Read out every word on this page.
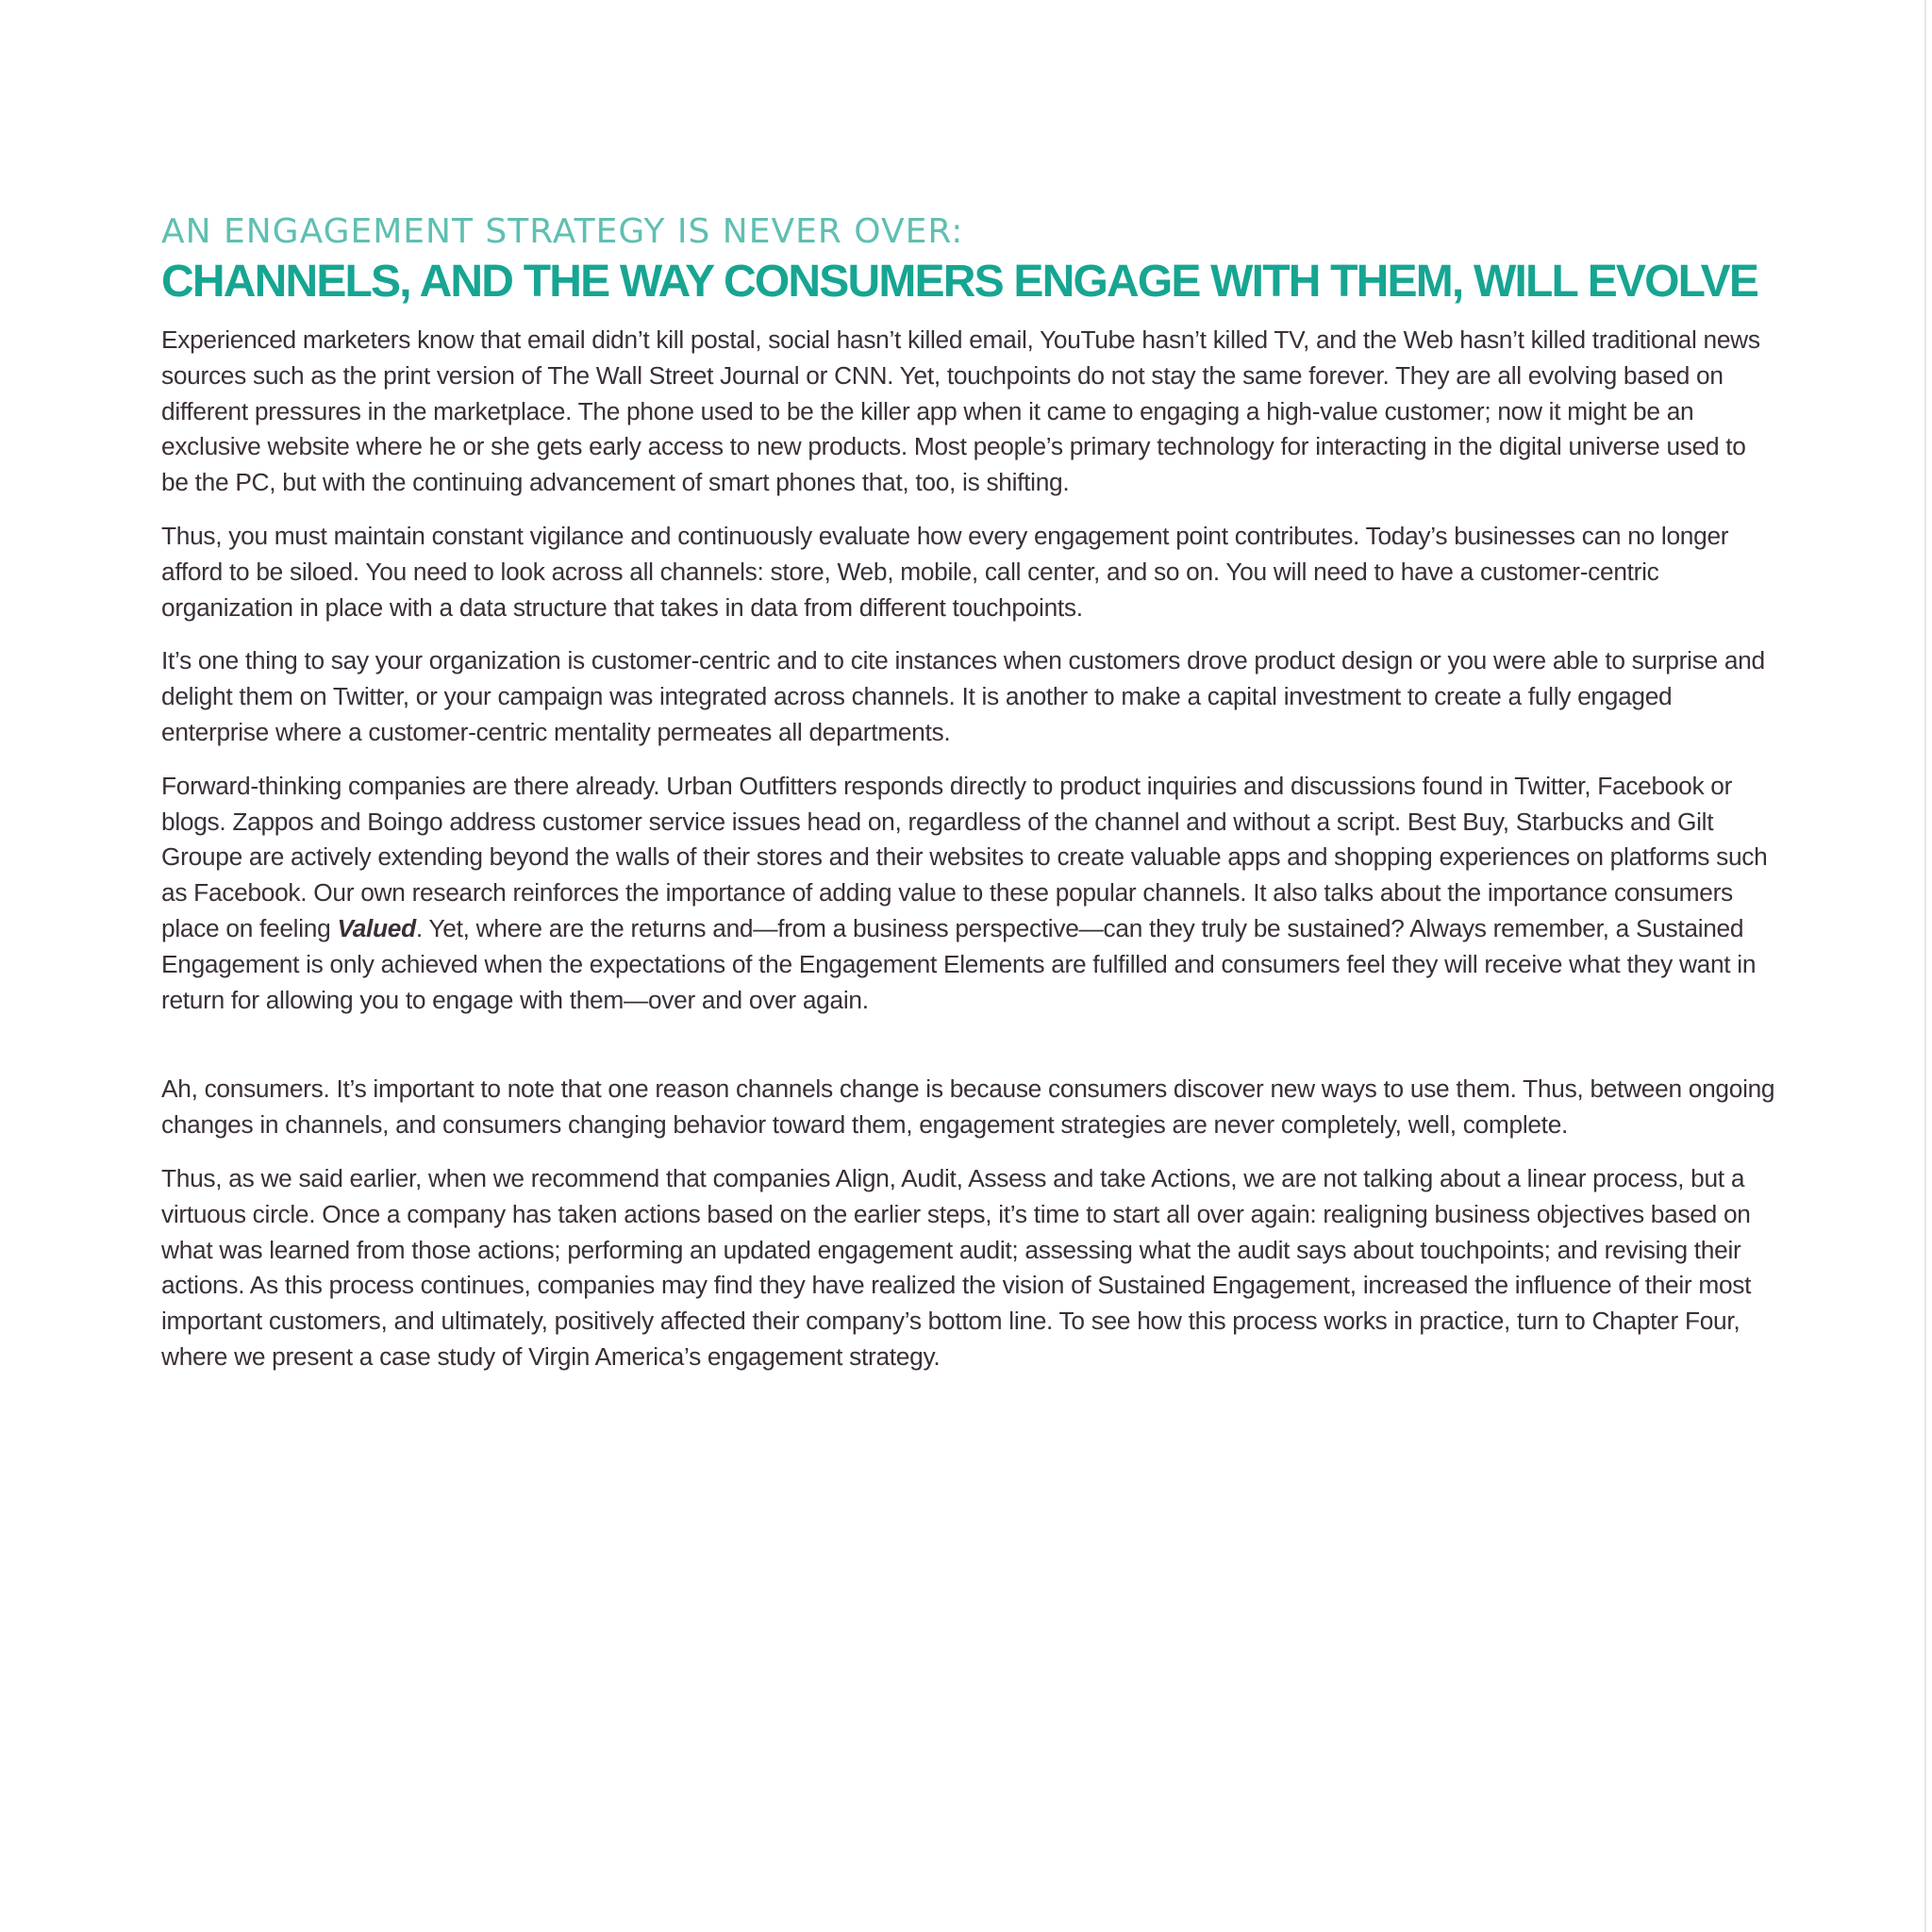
AN ENGAGEMENT STRATEGY IS NEVER OVER:
CHANNELS, AND THE WAY CONSUMERS ENGAGE WITH THEM, WILL EVOLVE

Experienced marketers know that email didn’t kill postal, social hasn’t killed email, YouTube hasn’t killed TV, and the Web hasn’t killed traditional news sources such as the print version of The Wall Street Journal or CNN. Yet, touchpoints do not stay the same forever. They are all evolving based on different pressures in the marketplace. The phone used to be the killer app when it came to engaging a high-value customer; now it might be an exclusive website where he or she gets early access to new products. Most people’s primary technology for interacting in the digital universe used to be the PC, but with the continuing advancement of smart phones that, too, is shifting.

Thus, you must maintain constant vigilance and continuously evaluate how every engagement point contributes. Today’s businesses can no longer afford to be siloed. You need to look across all channels: store, Web, mobile, call center, and so on. You will need to have a customer-centric organization in place with a data structure that takes in data from different touchpoints.

It’s one thing to say your organization is customer-centric and to cite instances when customers drove product design or you were able to surprise and delight them on Twitter, or your campaign was integrated across channels. It is another to make a capital investment to create a fully engaged enterprise where a customer-centric mentality permeates all departments.

Forward-thinking companies are there already. Urban Outfitters responds directly to product inquiries and discussions found in Twitter, Facebook or blogs. Zappos and Boingo address customer service issues head on, regardless of the channel and without a script. Best Buy, Starbucks and Gilt Groupe are actively extending beyond the walls of their stores and their websites to create valuable apps and shopping experiences on platforms such as Facebook. Our own research reinforces the importance of adding value to these popular channels. It also talks about the importance consumers place on feeling Valued. Yet, where are the returns and—from a business perspective—can they truly be sustained? Always remember, a Sustained Engagement is only achieved when the expectations of the Engagement Elements are fulfilled and consumers feel they will receive what they want in return for allowing you to engage with them—over and over again.

Ah, consumers. It’s important to note that one reason channels change is because consumers discover new ways to use them. Thus, between ongoing changes in channels, and consumers changing behavior toward them, engagement strategies are never completely, well, complete.

Thus, as we said earlier, when we recommend that companies Align, Audit, Assess and take Actions, we are not talking about a linear process, but a virtuous circle. Once a company has taken actions based on the earlier steps, it’s time to start all over again: realigning business objectives based on what was learned from those actions; performing an updated engagement audit; assessing what the audit says about touchpoints; and revising their actions. As this process continues, companies may find they have realized the vision of Sustained Engagement, increased the influence of their most important customers, and ultimately, positively affected their company’s bottom line. To see how this process works in practice, turn to Chapter Four, where we present a case study of Virgin America’s engagement strategy.
